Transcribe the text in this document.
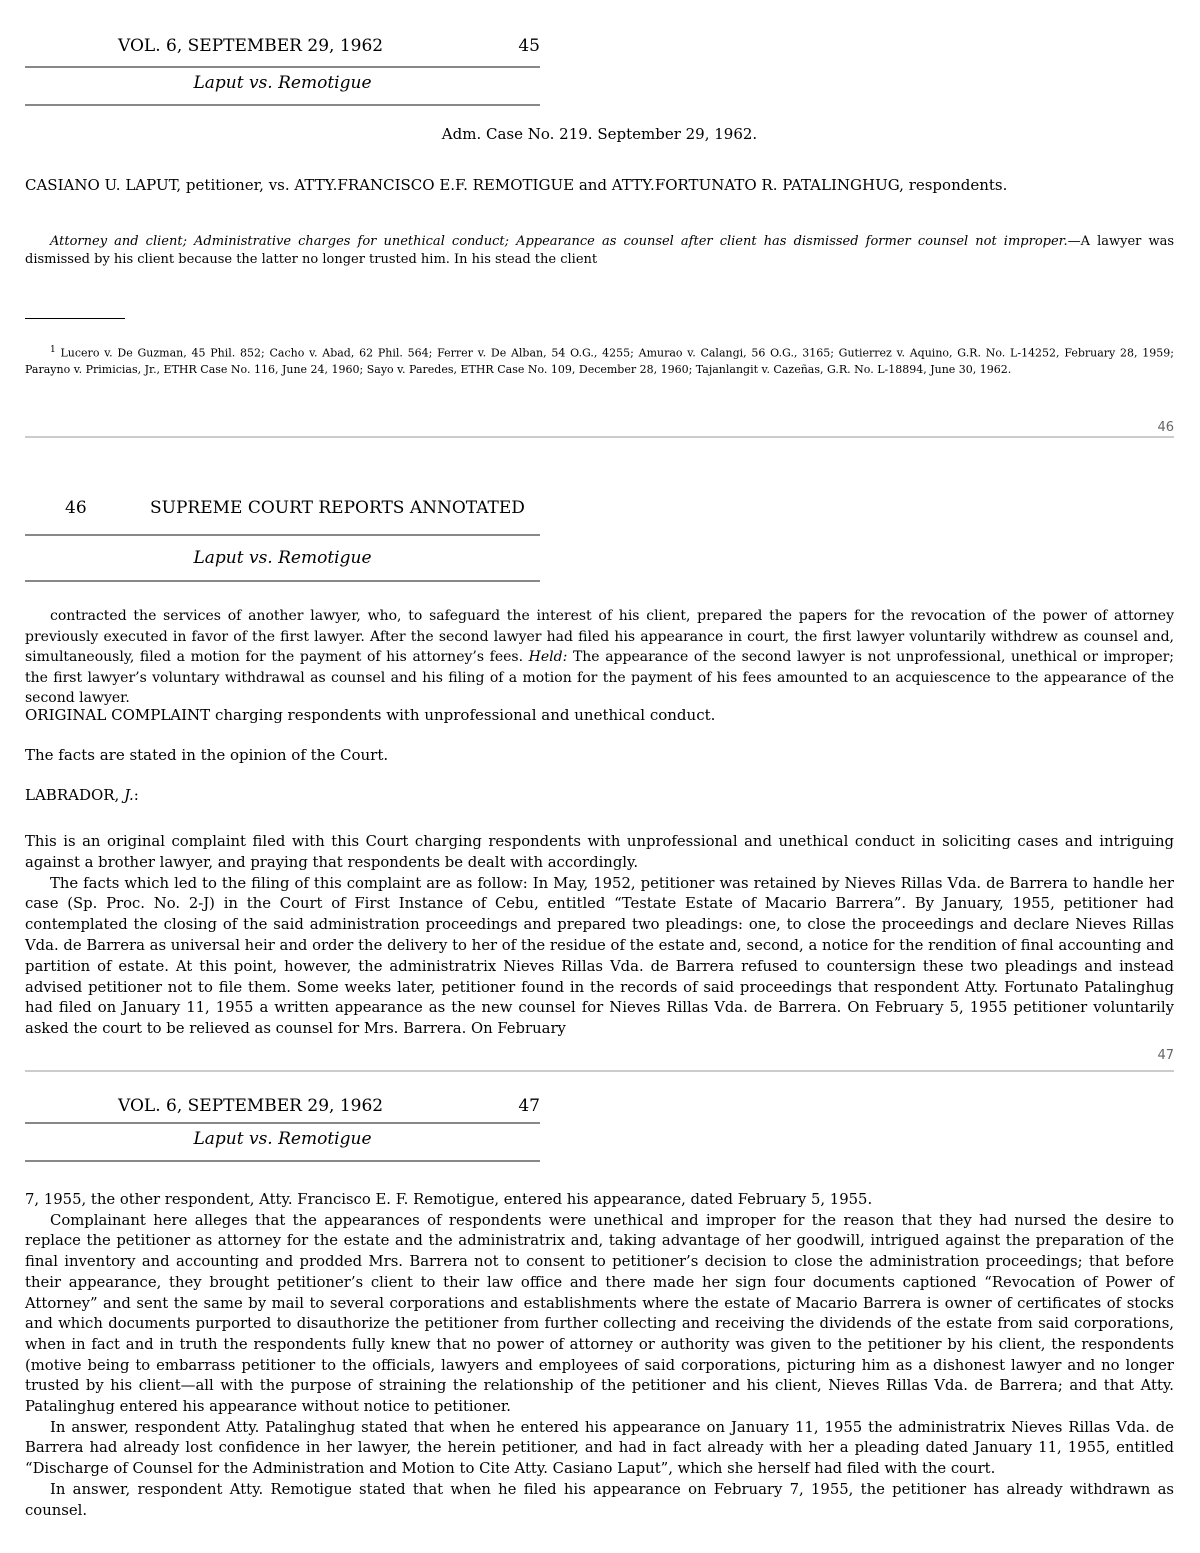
VOL. 6, SEPTEMBER 29, 1962	45
Laput vs. Remotigue
Adm. Case No. 219. September 29, 1962.
CASIANO U. LAPUT, petitioner, vs. ATTY.FRANCISCO E.F. REMOTIGUE and ATTY.FORTUNATO R. PATALINGHUG, respondents.
Attorney and client; Administrative charges for unethical conduct; Appearance as counsel after client has dismissed former counsel not improper.—A lawyer was dismissed by his client because the latter no longer trusted him. In his stead the client
$^1$ Lucero v. De Guzman, 45 Phil. 852; Cacho v. Abad, 62 Phil. 564; Ferrer v. De Alban, 54 O.G., 4255; Amurao v. Calangi, 56 O.G., 3165; Gutierrez v. Aquino, G.R. No. L-14252, February 28, 1959; Parayno v. Primicias, Jr., ETHR Case No. 116, June 24, 1960; Sayo v. Paredes, ETHR Case No. 109, December 28, 1960; Tajanlangit v. Cazeñas, G.R. No. L-18894, June 30, 1962.
46
46	SUPREME COURT REPORTS ANNOTATED
Laput vs. Remotigue
contracted the services of another lawyer, who, to safeguard the interest of his client, prepared the papers for the revocation of the power of attorney previously executed in favor of the first lawyer. After the second lawyer had filed his appearance in court, the first lawyer voluntarily withdrew as counsel and, simultaneously, filed a motion for the payment of his attorney’s fees. Held: The appearance of the second lawyer is not unprofessional, unethical or improper; the first lawyer’s voluntary withdrawal as counsel and his filing of a motion for the payment of his fees amounted to an acquiescence to the appearance of the second lawyer.
ORIGINAL COMPLAINT charging respondents with unprofessional and unethical conduct.
The facts are stated in the opinion of the Court.
LABRADOR, J.:

This is an original complaint filed with this Court charging respondents with unprofessional and unethical conduct in soliciting cases and intriguing against a brother lawyer, and praying that respondents be dealt with accordingly.

The facts which led to the filing of this complaint are as follow: In May, 1952, petitioner was retained by Nieves Rillas Vda. de Barrera to handle her case (Sp. Proc. No. 2-J) in the Court of First Instance of Cebu, entitled “Testate Estate of Macario Barrera”. By January, 1955, petitioner had contemplated the closing of the said administration proceedings and prepared two pleadings: one, to close the proceedings and declare Nieves Rillas Vda. de Barrera as universal heir and order the delivery to her of the residue of the estate and, second, a notice for the rendition of final accounting and partition of estate. At this point, however, the administratrix Nieves Rillas Vda. de Barrera refused to countersign these two pleadings and instead advised petitioner not to file them. Some weeks later, petitioner found in the records of said proceedings that respondent Atty. Fortunato Patalinghug had filed on January 11, 1955 a written appearance as the new counsel for Nieves Rillas Vda. de Barrera. On February 5, 1955 petitioner voluntarily asked the court to be relieved as counsel for Mrs. Barrera. On February

47
VOL. 6, SEPTEMBER 29, 1962	47
Laput vs. Remotigue

7, 1955, the other respondent, Atty. Francisco E. F. Remotigue, entered his appearance, dated February 5, 1955.

Complainant here alleges that the appearances of respondents were unethical and improper for the reason that they had nursed the desire to replace the petitioner as attorney for the estate and the administratrix and, taking advantage of her goodwill, intrigued against the preparation of the final inventory and accounting and prodded Mrs. Barrera not to consent to petitioner’s decision to close the administration proceedings; that before their appearance, they brought petitioner’s client to their law office and there made her sign four documents captioned “Revocation of Power of Attorney” and sent the same by mail to several corporations and establishments where the estate of Macario Barrera is owner of certificates of stocks and which documents purported to disauthorize the petitioner from further collecting and receiving the dividends of the estate from said corporations, when in fact and in truth the respondents fully knew that no power of attorney or authority was given to the petitioner by his client, the respondents (motive being to embarrass petitioner to the officials, lawyers and employees of said corporations, picturing him as a dishonest lawyer and no longer trusted by his client—all with the purpose of straining the relationship of the petitioner and his client, Nieves Rillas Vda. de Barrera; and that Atty. Patalinghug entered his appearance without notice to petitioner.

In answer, respondent Atty. Patalinghug stated that when he entered his appearance on January 11, 1955 the administratrix Nieves Rillas Vda. de Barrera had already lost confidence in her lawyer, the herein petitioner, and had in fact already with her a pleading dated January 11, 1955, entitled “Discharge of Counsel for the Administration and Motion to Cite Atty. Casiano Laput”, which she herself had filed with the court.

In answer, respondent Atty. Remotigue stated that when he filed his appearance on February 7, 1955, the petitioner has already withdrawn as counsel.
